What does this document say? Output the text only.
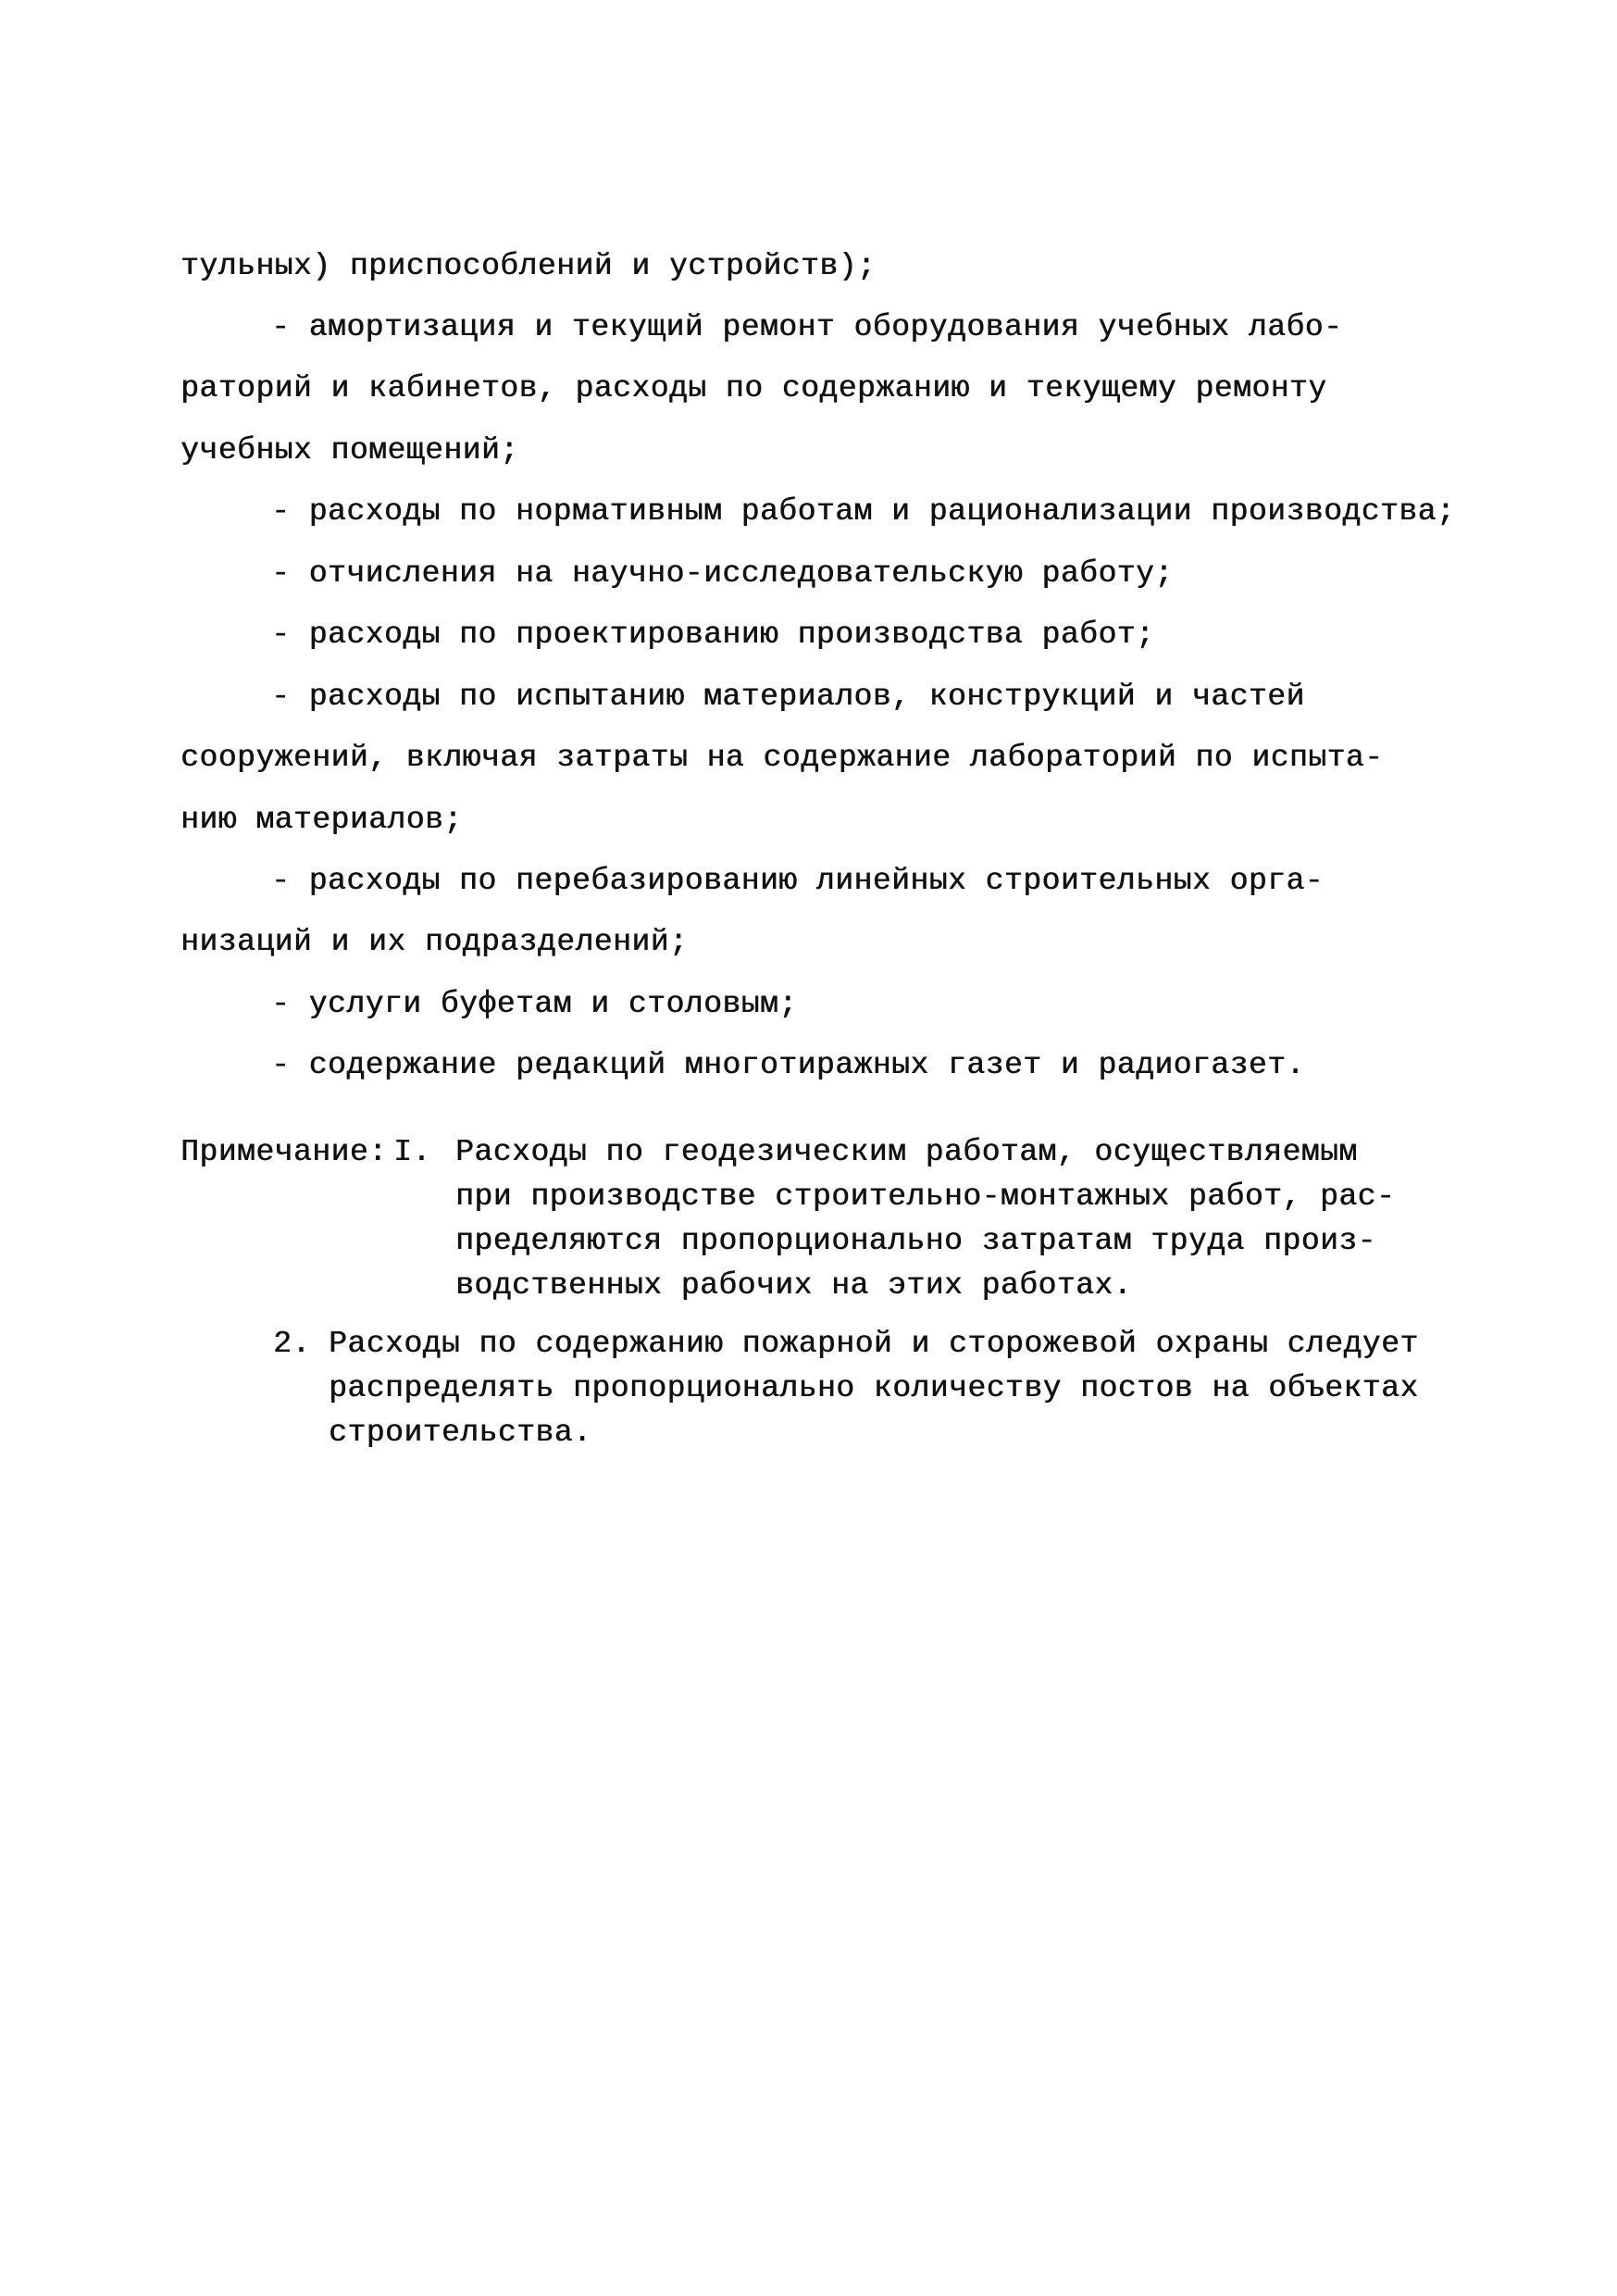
тульных) приспособлений и устройств);
- амортизация и текущий ремонт оборудования учебных лабо-
раторий и кабинетов, расходы по содержанию и текущему ремонту
учебных помещений;
- расходы по нормативным работам и рационализации производства;
- отчисления на научно-исследовательскую работу;
- расходы по проектированию производства работ;
- расходы по испытанию материалов, конструкций и частей
сооружений, включая затраты на содержание лабораторий по испыта-
нию материалов;
- расходы по перебазированию линейных строительных орга-
низаций и их подразделений;
- услуги буфетам и столовым;
- содержание редакций многотиражных газет и радиогазет.
Примечание: I. Расходы по геодезическим работам, осуществляемым
при производстве строительно-монтажных работ, рас-
пределяются пропорционально затратам труда произ-
водственных рабочих на этих работах.
2. Расходы по содержанию пожарной и сторожевой охраны следует
распределять пропорционально количеству постов на объектах
строительства.
